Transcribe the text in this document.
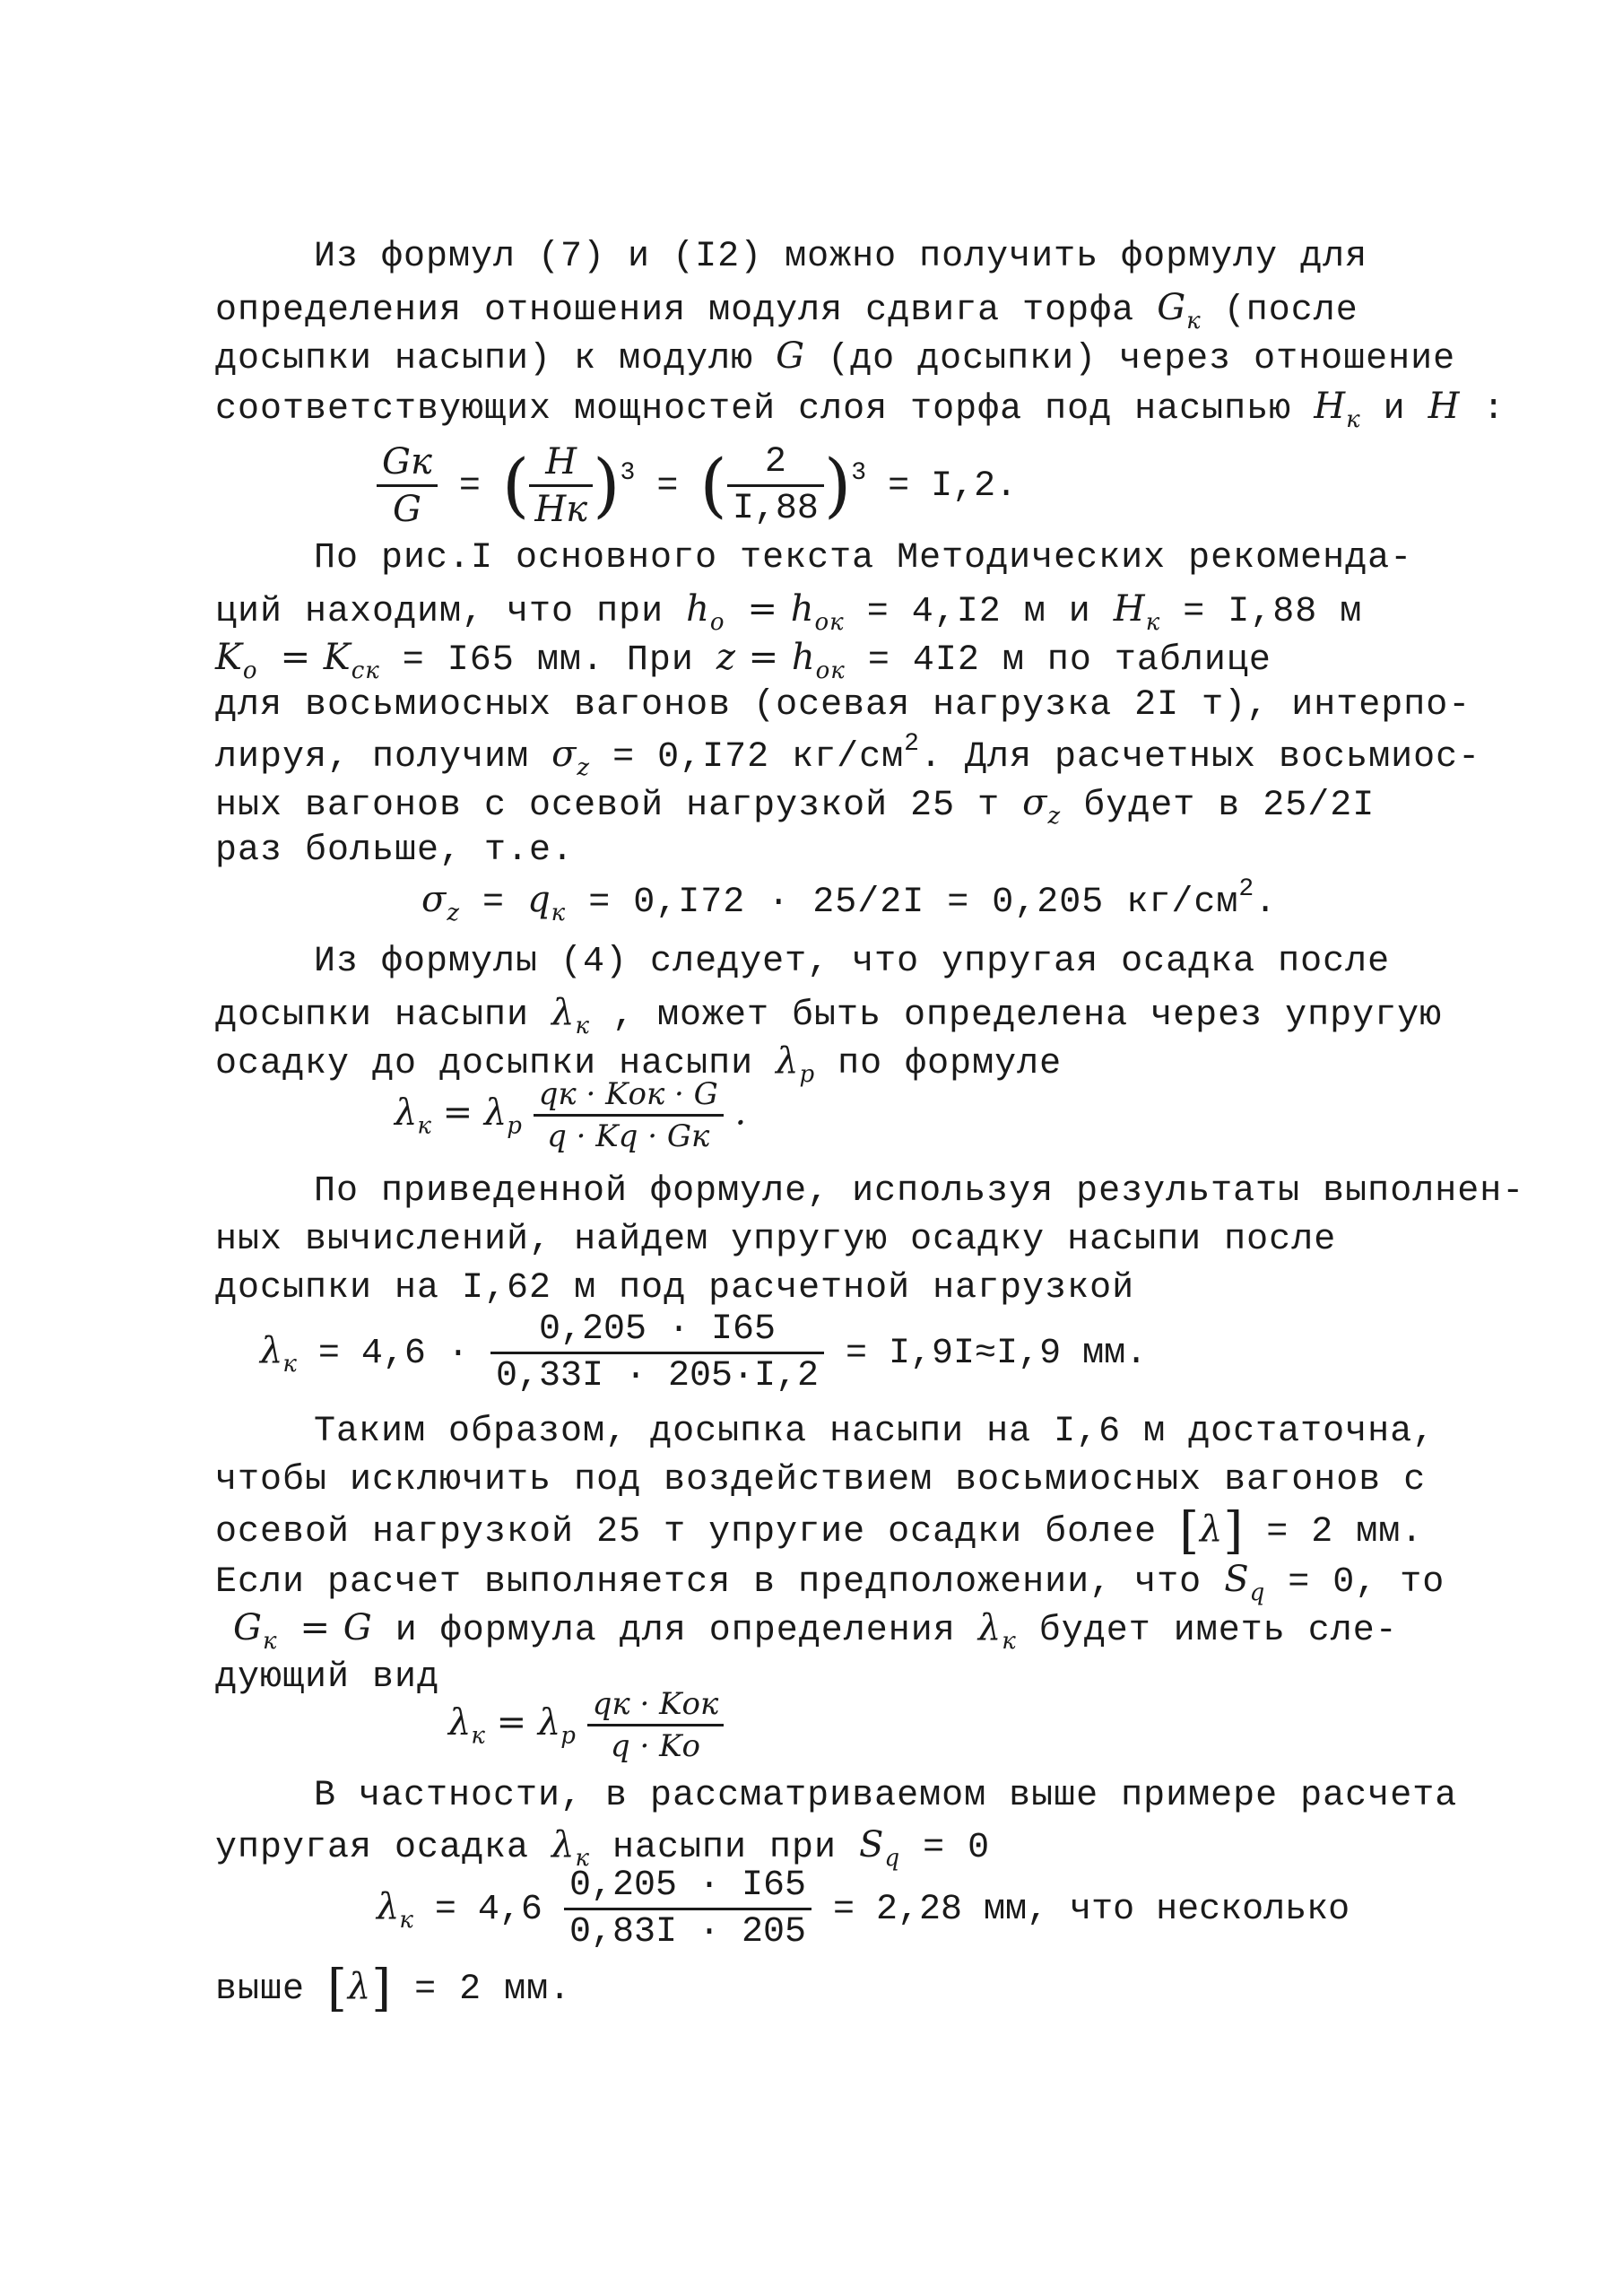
Из формул (7) и (I2) можно получить формулу для
определения отношения модуля сдвига торфа $G_к$ (после
досыпки насыпи) к модулю G (до досыпки) через отношение
соответствующих мощностей слоя торфа под насыпью $H_к$ и H :
$\frac{Gк}{G}$ = ( $\frac{H}{Hк} )^3$ = ( $\frac{2}{I,88} )^3 = I,2$.
По рис.I основного текста Методических рекоменда-
ций находим, что при $h_о = h_{ок} = 4,I2$ м и $H_к = I,88$ м
$K_о = K_{ск} = I65$ мм. При $z = h_{ок} = 4I2$ м по таблице
для восьмиосных вагонов (осевая нагрузка 2I т), интерпо-
лируя, получим $\sigma_z = 0,I72$ $кг/см^2$. Для расчетных восьмиос-
ных вагонов с осевой нагрузкой 25 т $\sigma_z$ будет в 25/2I
раз больше, т.е.
$\sigma_z = q_к = 0,I72 \cdot 25/2I = 0,205$ $кг/см^2$.
Из формулы (4) следует, что упругая осадка после
досыпки насыпи $\lambda_к$ , может быть определена через упругую
осадку до досыпки насыпи $\lambda_р$ по формуле
$\lambda_к = \lambda_р \frac{\text{qк · Kок · G}}{q \cdot Kq \cdot Gк}$ .
По приведенной формуле, используя результаты выполнен-
ных вычислений, найдем упругую осадку насыпи после
досыпки на I,62 м под расчетной нагрузкой
$\lambda_к = 4,6 \cdot \frac{0,205 \cdot I65}{0,33I \cdot 205\cdot I,2} = I,9I\approx I,9$ мм.
Таким образом, досыпка насыпи на I,6 м достаточна,
чтобы исключить под воздействием восьмиосных вагонов с
осевой нагрузкой 25 т упругие осадки более [λ] = 2 мм.
Если расчет выполняется в предположении, что $S_q = 0$, то
$G_к = G$ и формула для определения $\lambda_к$ будет иметь сле-
дующий вид
$\lambda_к = \lambda_р \frac{\text{qк · Kок}}{q \cdot Kо}$
В частности, в рассматриваемом выше примере расчета
упругая осадка $\lambda_к$ насыпи при $S_q = 0$
$\lambda_к = 4,6 \frac{0,205 \cdot I65}{0,83I \cdot 205} = 2,28$ мм, что несколько
выше [λ] = 2 мм.
